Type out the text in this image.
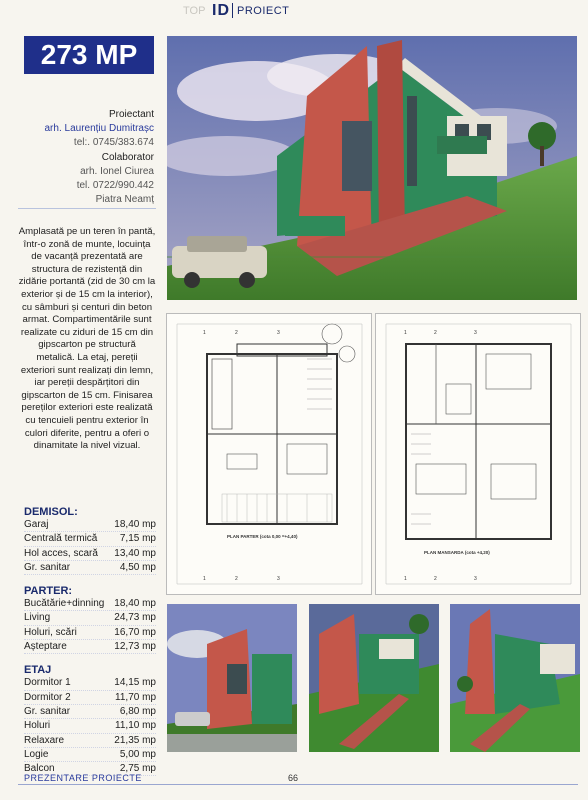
TOP ID PROIECT
273 MP
Proiectant
arh. Laurențiu Dumitrașc
tel:. 0745/383.674
Colaborator
arh. Ionel Ciurea
tel. 0722/990.442
Piatra Neamț
Amplasată pe un teren în pantă, într-o zonă de munte, locuința de vacanță prezentată are structura de rezistență din zidărie portantă (zid de 30 cm la exterior și de 15 cm la interior), cu sâmburi și centuri din beton armat. Compartimentările sunt realizate cu ziduri de 15 cm din gipscarton pe structură metalică. La etaj, pereții exteriori sunt realizați din lemn, iar pereții despărțitori din gipscarton de 15 cm. Finisarea pereților exteriori este realizată cu tencuieli pentru exterior în culori diferite, pentru a oferi o dinamitate la nivel vizual.
DEMISOL:
Garaj	18,40 mp
Centrală termică 7,15 mp
Hol acces, scară 13,40 mp
Gr. sanitar	4,50 mp
PARTER:
Bucătărie+dinning 18,40 mp
Living	24,73 mp
Holuri, scări	16,70 mp
Așteptare	12,73 mp
ETAJ
Dormitor 1	14,15 mp
Dormitor 2	11,70 mp
Gr. sanitar	6,80 mp
Holuri	11,10 mp
Relaxare	21,35 mp
Logie	5,00 mp
Balcon	2,75 mp
1	2	3
1	2	3
PLAN PARTER (cota 0,00 =+4,40)
1	2	3
1	2	3
PLAN MANSARDA (cota +4,20)
PREZENTARE PROIECTE	66
